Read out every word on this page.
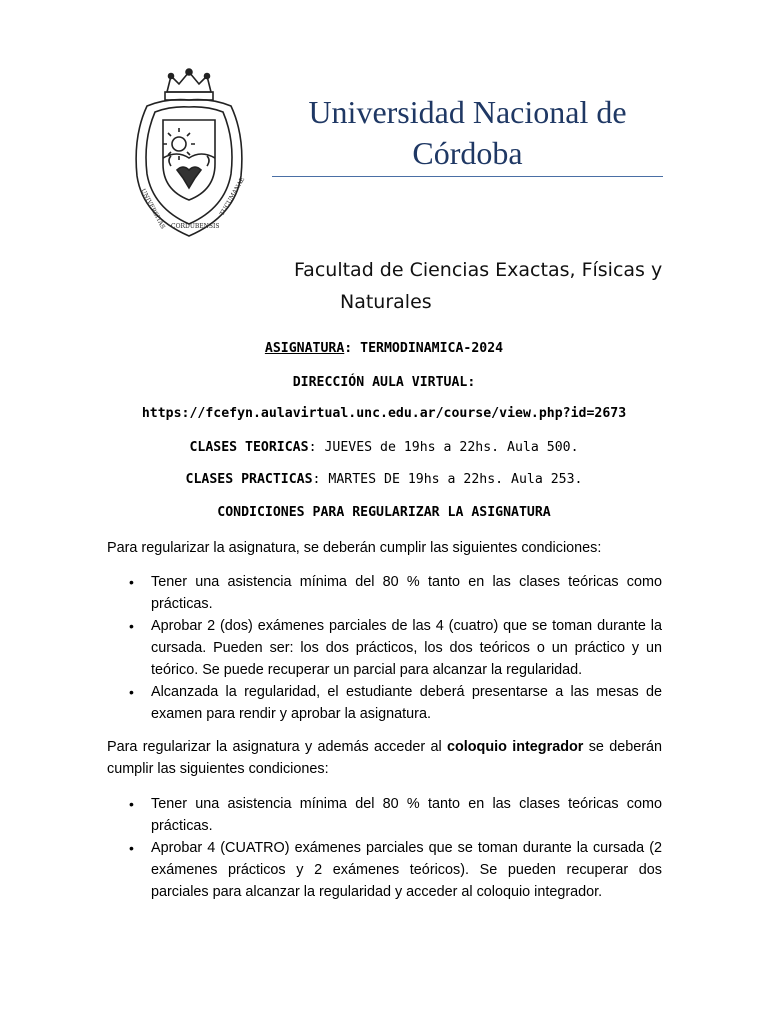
UNIVERSITAS CORDUBENSIS
TUCUMANAE
Universidad Nacional de
Córdoba
Facultad de Ciencias Exactas, Físicas y
Naturales
ASIGNATURA: TERMODINAMICA-2024
DIRECCIÓN AULA VIRTUAL:
https://fcefyn.aulavirtual.unc.edu.ar/course/view.php?id=2673
CLASES TEORICAS: JUEVES de 19hs a 22hs. Aula 500.
CLASES PRACTICAS: MARTES DE 19hs a 22hs. Aula 253.
CONDICIONES PARA REGULARIZAR LA ASIGNATURA
Para regularizar la asignatura, se deberán cumplir las siguientes condiciones:
• Tener una asistencia mínima del 80 % tanto en las clases teóricas como prácticas.
• Aprobar 2 (dos) exámenes parciales de las 4 (cuatro) que se toman durante la cursada. Pueden ser: los dos prácticos, los dos teóricos o un práctico y un teórico. Se puede recuperar un parcial para alcanzar la regularidad.
• Alcanzada la regularidad, el estudiante deberá presentarse a las mesas de examen para rendir y aprobar la asignatura.
Para regularizar la asignatura y además acceder al coloquio integrador se deberán cumplir las siguientes condiciones:
• Tener una asistencia mínima del 80 % tanto en las clases teóricas como prácticas.
• Aprobar 4 (CUATRO) exámenes parciales que se toman durante la cursada (2 exámenes prácticos y 2 exámenes teóricos). Se pueden recuperar dos parciales para alcanzar la regularidad y acceder al coloquio integrador.
